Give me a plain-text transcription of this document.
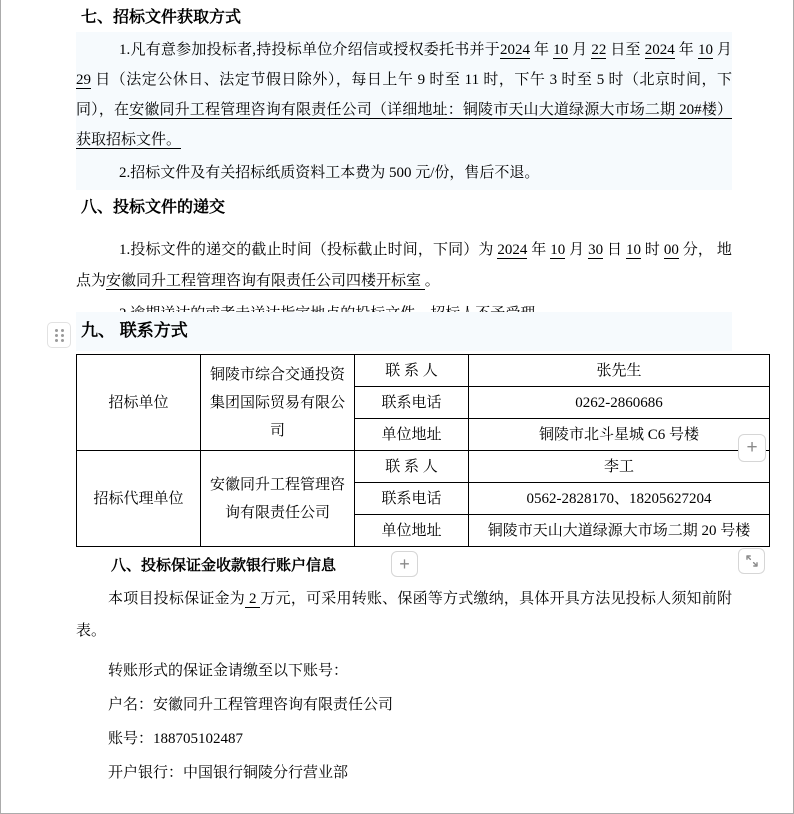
七、招标文件获取方式

1.凡有意参加投标者,持投标单位介绍信或授权委托书并于2024 年 10 月 22 日至 2024 年 10 月 29 日（法定公休日、法定节假日除外），每日上午 9 时至 11 时，下午 3 时至 5 时（北京时间，下同），在安徽同升工程管理咨询有限责任公司（详细地址：铜陵市天山大道绿源大市场二期 20#楼）获取招标文件。

2.招标文件及有关招标纸质资料工本费为 500 元/份，售后不退。

八、投标文件的递交

1.投标文件的递交的截止时间（投标截止时间，下同）为 2024 年 10 月 30 日 10 时 00 分， 地点为安徽同升工程管理咨询有限责任公司四楼开标室 。

九、 联系方式
招标单位	铜陵市综合交通投资集团国际贸易有限公司	联 系 人	张先生
		联系电话	0262-2860686
		单位地址	铜陵市北斗星城 C6 号楼
招标代理单位	安徽同升工程管理咨询有限责任公司	联 系 人	李工
		联系电话	0562-2828170、18205627204
		单位地址	铜陵市天山大道绿源大市场二期 20 号楼
+
八、投标保证金收款银行账户信息	+

本项目投标保证金为 2 万元，可采用转账、保函等方式缴纳，具体开具方法见投标人须知前附表。

转账形式的保证金请缴至以下账号：

户名：安徽同升工程管理咨询有限责任公司

账号：188705102487

开户银行：中国银行铜陵分行营业部
